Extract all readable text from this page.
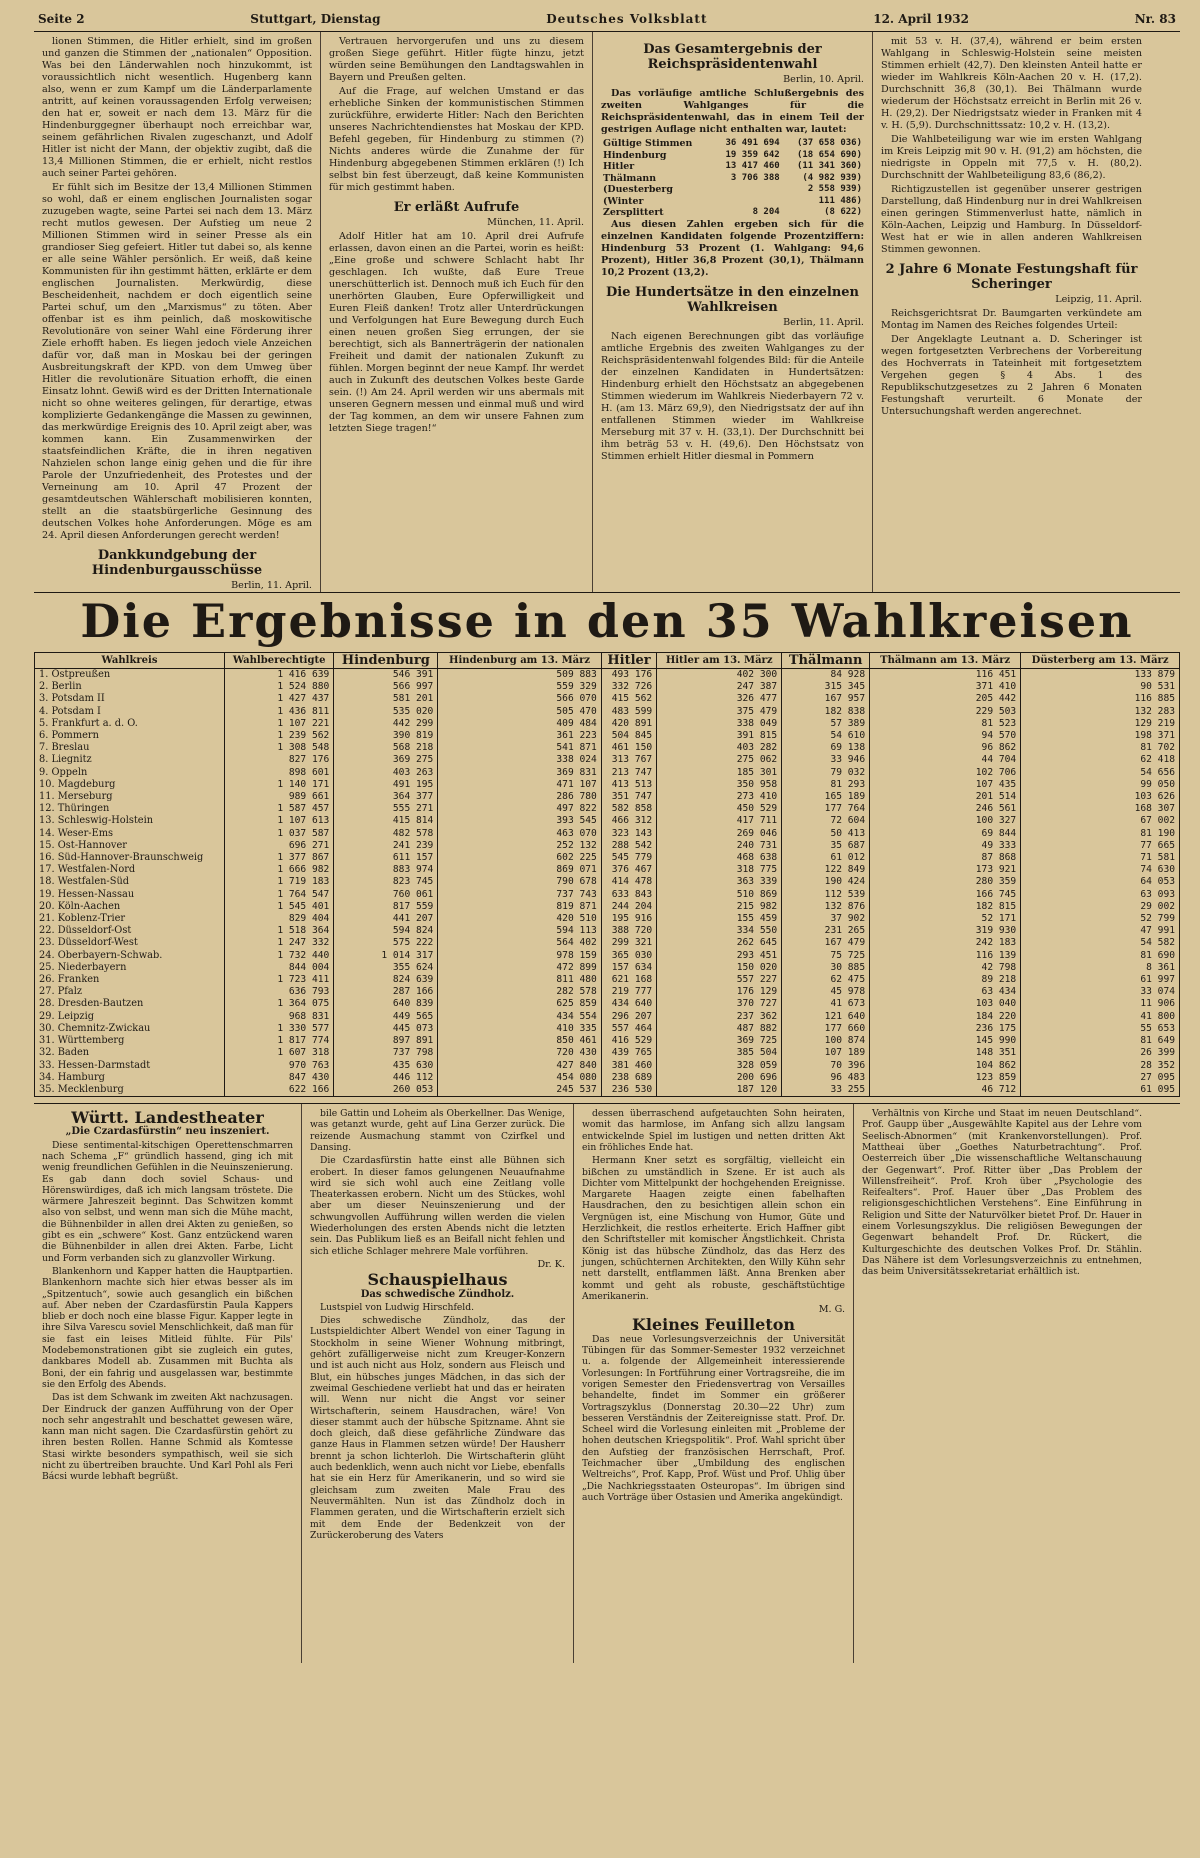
Seite 2	Stuttgart, Dienstag	Deutsches Volksblatt	12. April 1932	Nr. 83

lionen Stimmen, die Hitler erhielt, sind im großen und ganzen die Stimmen der „nationalen“ Opposition. Was bei den Länderwahlen noch hinzukommt, ist voraussichtlich nicht wesentlich. Hugenberg kann also, wenn er zum Kampf um die Länderparlamente antritt, auf keinen voraussagenden Erfolg verweisen; den hat er, soweit er nach dem 13. März für die Hindenburggegner überhaupt noch erreichbar war, seinem gefährlichen Rivalen zugeschanzt, und Adolf Hitler ist nicht der Mann, der objektiv zugibt, daß die 13,4 Millionen Stimmen, die er erhielt, nicht restlos auch seiner Partei gehören.

Er fühlt sich im Besitze der 13,4 Millionen Stimmen so wohl, daß er einem englischen Journalisten sogar zuzugeben wagte, seine Partei sei nach dem 13. März recht mutlos gewesen. Der Aufstieg um neue 2 Millionen Stimmen wird in seiner Presse als ein grandioser Sieg gefeiert. Hitler tut dabei so, als kenne er alle seine Wähler persönlich. Er weiß, daß keine Kommunisten für ihn gestimmt hätten, erklärte er dem englischen Journalisten. Merkwürdig, diese Bescheidenheit, nachdem er doch eigentlich seine Partei schuf, um den „Marxismus“ zu töten. Aber offenbar ist es ihm peinlich, daß moskowitische Revolutionäre von seiner Wahl eine Förderung ihrer Ziele erhofft haben. Es liegen jedoch viele Anzeichen dafür vor, daß man in Moskau bei der geringen Ausbreitungskraft der KPD. von dem Umweg über Hitler die revolutionäre Situation erhofft, die einen Einsatz lohnt. Gewiß wird es der Dritten Internationale nicht so ohne weiteres gelingen, für derartige, etwas komplizierte Gedankengänge die Massen zu gewinnen, das merkwürdige Ereignis des 10. April zeigt aber, was kommen kann. Ein Zusammenwirken der staatsfeindlichen Kräfte, die in ihren negativen Nahzielen schon lange einig gehen und die für ihre Parole der Unzufriedenheit, des Protestes und der Verneinung am 10. April 47 Prozent der gesamtdeutschen Wählerschaft mobilisieren konnten, stellt an die staatsbürgerliche Gesinnung des deutschen Volkes hohe Anforderungen. Möge es am 24. April diesen Anforderungen gerecht werden!

Dankkundgebung der Hindenburgausschüsse
Berlin, 11. April.

Vertrauen hervorgerufen und uns zu diesem großen Siege geführt. Hitler fügte hinzu, jetzt würden seine Bemühungen den Landtagswahlen in Bayern und Preußen gelten.

Auf die Frage, auf welchen Umstand er das erhebliche Sinken der kommunistischen Stimmen zurückführe, erwiderte Hitler: Nach den Berichten unseres Nachrichtendienstes hat Moskau der KPD. Befehl gegeben, für Hindenburg zu stimmen (?) Nichts anderes würde die Zunahme der für Hindenburg abgegebenen Stimmen erklären (!) Ich selbst bin fest überzeugt, daß keine Kommunisten für mich gestimmt haben.

Er erläßt Aufrufe
München, 11. April.

Adolf Hitler hat am 10. April drei Aufrufe erlassen, davon einen an die Partei, worin es heißt: „Eine große und schwere Schlacht habt Ihr geschlagen. Ich wußte, daß Eure Treue unerschütterlich ist. Dennoch muß ich Euch für den unerhörten Glauben, Eure Opferwilligkeit und Euren Fleiß danken! Trotz aller Unterdrückungen und Verfolgungen hat Eure Bewegung durch Euch einen neuen großen Sieg errungen, der sie berechtigt, sich als Bannerträgerin der nationalen Freiheit und damit der nationalen Zukunft zu fühlen. Morgen beginnt der neue Kampf. Ihr werdet auch in Zukunft des deutschen Volkes beste Garde sein. (!) Am 24. April werden wir uns abermals mit unseren Gegnern messen und einmal muß und wird der Tag kommen, an dem wir unsere Fahnen zum letzten Siege tragen!“

Das Gesamtergebnis der Reichspräsidentenwahl
Berlin, 10. April.

Das vorläufige amtliche Schlußergebnis des zweiten Wahlganges für die Reichspräsidentenwahl, das in einem Teil der gestrigen Auflage nicht enthalten war, lautet:

Gültige Stimmen	36 491 694	(37 658 036)
Hindenburg	19 359 642	(18 654 690)
Hitler	13 417 460	(11 341 360)
Thälmann	3 706 388	(4 982 939)
(Duesterberg		2 558 939)
(Winter		111 486)
Zersplittert	8 204	(8 622)

Aus diesen Zahlen ergeben sich für die einzelnen Kandidaten folgende Prozentziffern: Hindenburg 53 Prozent (1. Wahlgang: 94,6 Prozent), Hitler 36,8 Prozent (30,1), Thälmann 10,2 Prozent (13,2).

Die Hundertsätze in den einzelnen Wahlkreisen
Berlin, 11. April.

Nach eigenen Berechnungen gibt das vorläufige amtliche Ergebnis des zweiten Wahlganges zu der Reichspräsidentenwahl folgendes Bild: für die Anteile der einzelnen Kandidaten in Hundertsätzen: Hindenburg erhielt den Höchstsatz an abgegebenen Stimmen wiederum im Wahlkreis Niederbayern 72 v. H. (am 13. März 69,9), den Niedrigstsatz der auf ihn entfallenen Stimmen wieder im Wahlkreise Merseburg mit 37 v. H. (33,1). Der Durchschnitt bei ihm beträg 53 v. H. (49,6). Den Höchstsatz von Stimmen erhielt Hitler diesmal in Pommern

mit 53 v. H. (37,4), während er beim ersten Wahlgang in Schleswig-Holstein seine meisten Stimmen erhielt (42,7). Den kleinsten Anteil hatte er wieder im Wahlkreis Köln-Aachen 20 v. H. (17,2). Durchschnitt 36,8 (30,1). Bei Thälmann wurde wiederum der Höchstsatz erreicht in Berlin mit 26 v. H. (29,2). Der Niedrigstsatz wieder in Franken mit 4 v. H. (5,9). Durchschnittssatz: 10,2 v. H. (13,2).

Die Wahlbeteiligung war wie im ersten Wahlgang im Kreis Leipzig mit 90 v. H. (91,2) am höchsten, die niedrigste in Oppeln mit 77,5 v. H. (80,2). Durchschnitt der Wahlbeteiligung 83,6 (86,2).

Richtigzustellen ist gegenüber unserer gestrigen Darstellung, daß Hindenburg nur in drei Wahlkreisen einen geringen Stimmenverlust hatte, nämlich in Köln-Aachen, Leipzig und Hamburg. In Düsseldorf-West hat er wie in allen anderen Wahlkreisen Stimmen gewonnen.

2 Jahre 6 Monate Festungshaft für Scheringer
Leipzig, 11. April.

Reichsgerichtsrat Dr. Baumgarten verkündete am Montag im Namen des Reiches folgendes Urteil:

Der Angeklagte Leutnant a. D. Scheringer ist wegen fortgesetzten Verbrechens der Vorbereitung des Hochverrats in Tateinheit mit fortgesetztem Vergehen gegen § 4 Abs. 1 des Republikschutzgesetzes zu 2 Jahren 6 Monaten Festungshaft verurteilt. 6 Monate der Untersuchungshaft werden angerechnet.

Die Ergebnisse in den 35 Wahlkreisen
Wahlkreis	Wahlberechtigte	Hindenburg	Hindenburg am 13. März	Hitler	Hitler am 13. März	Thälmann	Thälmann am 13. März	Düsterberg am 13. März
1. Ostpreußen	1 416 639	546 391	509 883	493 176	402 300	84 928	116 451	133 879
2. Berlin	1 524 880	566 997	559 329	332 726	247 387	315 345	371 410	90 531
3. Potsdam II	1 427 437	581 201	566 070	415 562	326 477	167 957	205 442	116 885
4. Potsdam I	1 436 811	535 020	505 470	483 599	375 479	182 838	229 503	132 283
5. Frankfurt a. d. O.	1 107 221	442 299	409 484	420 891	338 049	57 389	81 523	129 219
6. Pommern	1 239 562	390 819	361 223	504 845	391 815	54 610	94 570	198 371
7. Breslau	1 308 548	568 218	541 871	461 150	403 282	69 138	96 862	81 702
8. Liegnitz	827 176	369 275	338 024	313 767	275 062	33 946	44 704	62 418
9. Oppeln	898 601	403 263	369 831	213 747	185 301	79 032	102 706	54 656
10. Magdeburg	1 140 171	491 195	471 107	413 513	350 958	81 293	107 435	99 050
11. Merseburg	989 661	364 377	286 780	351 747	273 410	165 189	201 514	103 626
12. Thüringen	1 587 457	555 271	497 822	582 858	450 529	177 764	246 561	168 307
13. Schleswig-Holstein	1 107 613	415 814	393 545	466 312	417 711	72 604	100 327	67 002
14. Weser-Ems	1 037 587	482 578	463 070	323 143	269 046	50 413	69 844	81 190
15. Ost-Hannover	696 271	241 239	252 132	288 542	240 731	35 687	49 333	77 665
16. Süd-Hannover-Braunschweig	1 377 867	611 157	602 225	545 779	468 638	61 012	87 868	71 581
17. Westfalen-Nord	1 666 982	883 974	869 071	376 467	318 775	122 849	173 921	74 630
18. Westfalen-Süd	1 719 183	823 745	790 678	414 478	363 339	190 424	280 359	64 053
19. Hessen-Nassau	1 764 547	760 061	737 743	633 843	510 869	112 539	166 745	63 093
20. Köln-Aachen	1 545 401	817 559	819 871	244 204	215 982	132 876	182 815	29 002
21. Koblenz-Trier	829 404	441 207	420 510	195 916	155 459	37 902	52 171	52 799
22. Düsseldorf-Ost	1 518 364	594 824	594 113	388 720	334 550	231 265	319 930	47 991
23. Düsseldorf-West	1 247 332	575 222	564 402	299 321	262 645	167 479	242 183	54 582
24. Oberbayern-Schwab.	1 732 440	1 014 317	978 159	365 030	293 451	75 725	116 139	81 690
25. Niederbayern	844 004	355 624	472 899	157 634	150 020	30 885	42 798	8 361
26. Franken	1 723 411	824 639	811 480	621 168	557 227	62 475	89 218	61 997
27. Pfalz	636 793	287 166	282 578	219 777	176 129	45 978	63 434	33 074
28. Dresden-Bautzen	1 364 075	640 839	625 859	434 640	370 727	41 673	103 040	11 906
29. Leipzig	968 831	449 565	434 554	296 207	237 362	121 640	184 220	41 800
30. Chemnitz-Zwickau	1 330 577	445 073	410 335	557 464	487 882	177 660	236 175	55 653
31. Württemberg	1 817 774	897 891	850 461	416 529	369 725	100 874	145 990	81 649
32. Baden	1 607 318	737 798	720 430	439 765	385 504	107 189	148 351	26 399
33. Hessen-Darmstadt	970 763	435 630	427 840	381 460	328 059	70 396	104 862	28 352
34. Hamburg	847 430	446 112	454 080	238 689	200 696	96 483	123 859	27 095
35. Mecklenburg	622 166	260 053	245 537	236 530	187 120	33 255	46 712	61 095
Württ. Landestheater
„Die Czardasfürstin“ neu inszeniert.

Diese sentimental-kitschigen Operettenschmarren nach Schema „F“ gründlich hassend, ging ich mit wenig freundlichen Gefühlen in die Neuinszenierung. Es gab dann doch soviel Schaus- und Hörenswürdiges, daß ich mich langsam tröstete. Die wärmere Jahreszeit beginnt. Das Schwitzen kommt also von selbst, und wenn man sich die Mühe macht, die Bühnenbilder in allen drei Akten zu genießen, so gibt es ein „schwere“ Kost. Ganz entzückend waren die Bühnenbilder in allen drei Akten. Farbe, Licht und Form verbanden sich zu glanzvoller Wirkung.

Blankenhorn und Kapper hatten die Hauptpartien. Blankenhorn machte sich hier etwas besser als im „Spitzentuch“, sowie auch gesanglich ein bißchen auf. Aber neben der Czardasfürstin Paula Kappers blieb er doch noch eine blasse Figur. Kapper legte in ihre Silva Varescu soviel Menschlichkeit, daß man für sie fast ein leises Mitleid fühlte. Für Pils' Modebemonstrationen gibt sie zugleich ein gutes, dankbares Modell ab. Zusammen mit Buchta als Boni, der ein fahrig und ausgelassen war, bestimmte sie den Erfolg des Abends.

Das ist dem Schwank im zweiten Akt nachzusagen. Der Eindruck der ganzen Aufführung von der Oper noch sehr angestrahlt und beschattet gewesen wäre, kann man nicht sagen. Die Czardasfürstin gehört zu ihren besten Rollen. Hanne Schmid als Komtesse Stasi wirkte besonders sympathisch, weil sie sich nicht zu übertreiben brauchte. Und Karl Pohl als Feri Bácsi wurde lebhaft begrüßt.

bile Gattin und Loheim als Oberkellner. Das Wenige, was getanzt wurde, geht auf Lina Gerzer zurück. Die reizende Ausmachung stammt von Czirfkel und Dansing.

Die Czardasfürstin hatte einst alle Bühnen sich erobert. In dieser famos gelungenen Neuaufnahme wird sie sich wohl auch eine Zeitlang volle Theaterkassen erobern. Nicht um des Stückes, wohl aber um dieser Neuinszenierung und der schwungvollen Aufführung willen werden die vielen Wiederholungen des ersten Abends nicht die letzten sein. Das Publikum ließ es an Beifall nicht fehlen und sich etliche Schlager mehrere Male vorführen.

Dr. K.
Schauspielhaus
Das schwedische Zündholz.

Lustspiel von Ludwig Hirschfeld.

Dies schwedische Zündholz, das der Lustspieldichter Albert Wendel von einer Tagung in Stockholm in seine Wiener Wohnung mitbringt, gehört zufälligerweise nicht zum Kreuger-Konzern und ist auch nicht aus Holz, sondern aus Fleisch und Blut, ein hübsches junges Mädchen, in das sich der zweimal Geschiedene verliebt hat und das er heiraten will. Wenn nur nicht die Angst vor seiner Wirtschafterin, seinem Hausdrachen, wäre! Von dieser stammt auch der hübsche Spitzname. Ahnt sie doch gleich, daß diese gefährliche Zündware das ganze Haus in Flammen setzen würde! Der Hausherr brennt ja schon lichterloh. Die Wirtschafterin glüht auch bedenklich, wenn auch nicht vor Liebe, ebenfalls hat sie ein Herz für Amerikanerin, und so wird sie gleichsam zum zweiten Male Frau des Neuvermählten. Nun ist das Zündholz doch in Flammen geraten, und die Wirtschafterin erzielt sich mit dem Ende der Bedenkzeit von der Zurückeroberung des Vaters

dessen überraschend aufgetauchten Sohn heiraten, womit das harmlose, im Anfang sich allzu langsam entwickelnde Spiel im lustigen und netten dritten Akt ein fröhliches Ende hat.

Hermann Kner setzt es sorgfältig, vielleicht ein bißchen zu umständlich in Szene. Er ist auch als Dichter vom Mittelpunkt der hochgehenden Ereignisse. Margarete Haagen zeigte einen fabelhaften Hausdrachen, den zu besichtigen allein schon ein Vergnügen ist, eine Mischung von Humor, Güte und Herzlichkeit, die restlos erheiterte. Erich Haffner gibt den Schriftsteller mit komischer Ängstlichkeit. Christa König ist das hübsche Zündholz, das das Herz des jungen, schüchternen Architekten, den Willy Kühn sehr nett darstellt, entflammen läßt. Anna Brenken aber kommt und geht als robuste, geschäftstüchtige Amerikanerin.

M. G.
Kleines Feuilleton

Das neue Vorlesungsverzeichnis der Universität Tübingen für das Sommer-Semester 1932 verzeichnet u. a. folgende der Allgemeinheit interessierende Vorlesungen: In Fortführung einer Vortragsreihe, die im vorigen Semester den Friedensvertrag von Versailles behandelte, findet im Sommer ein größerer Vortragszyklus (Donnerstag 20.30—22 Uhr) zum besseren Verständnis der Zeitereignisse statt. Prof. Dr. Scheel wird die Vorlesung einleiten mit „Probleme der hohen deutschen Kriegspolitik“. Prof. Wahl spricht über den Aufstieg der französischen Herrschaft, Prof. Teichmacher über „Umbildung des englischen Weltreichs“, Prof. Kapp, Prof. Wüst und Prof. Uhlig über „Die Nachkriegsstaaten Osteuropas“. Im übrigen sind auch Vorträge über Ostasien und Amerika angekündigt.

Verhältnis von Kirche und Staat im neuen Deutschland“. Prof. Gaupp über „Ausgewählte Kapitel aus der Lehre vom Seelisch-Abnormen“ (mit Krankenvorstellungen). Prof. Mattheai über „Goethes Naturbetrachtung“. Prof. Oesterreich über „Die wissenschaftliche Weltanschauung der Gegenwart“. Prof. Ritter über „Das Problem der Willensfreiheit“. Prof. Kroh über „Psychologie des Reifealters“. Prof. Hauer über „Das Problem des religionsgeschichtlichen Verstehens“. Eine Einführung in Religion und Sitte der Naturvölker bietet Prof. Dr. Hauer in einem Vorlesungszyklus. Die religiösen Bewegungen der Gegenwart behandelt Prof. Dr. Rückert, die Kulturgeschichte des deutschen Volkes Prof. Dr. Stählin. Das Nähere ist dem Vorlesungsverzeichnis zu entnehmen, das beim Universitätssekretariat erhältlich ist.
